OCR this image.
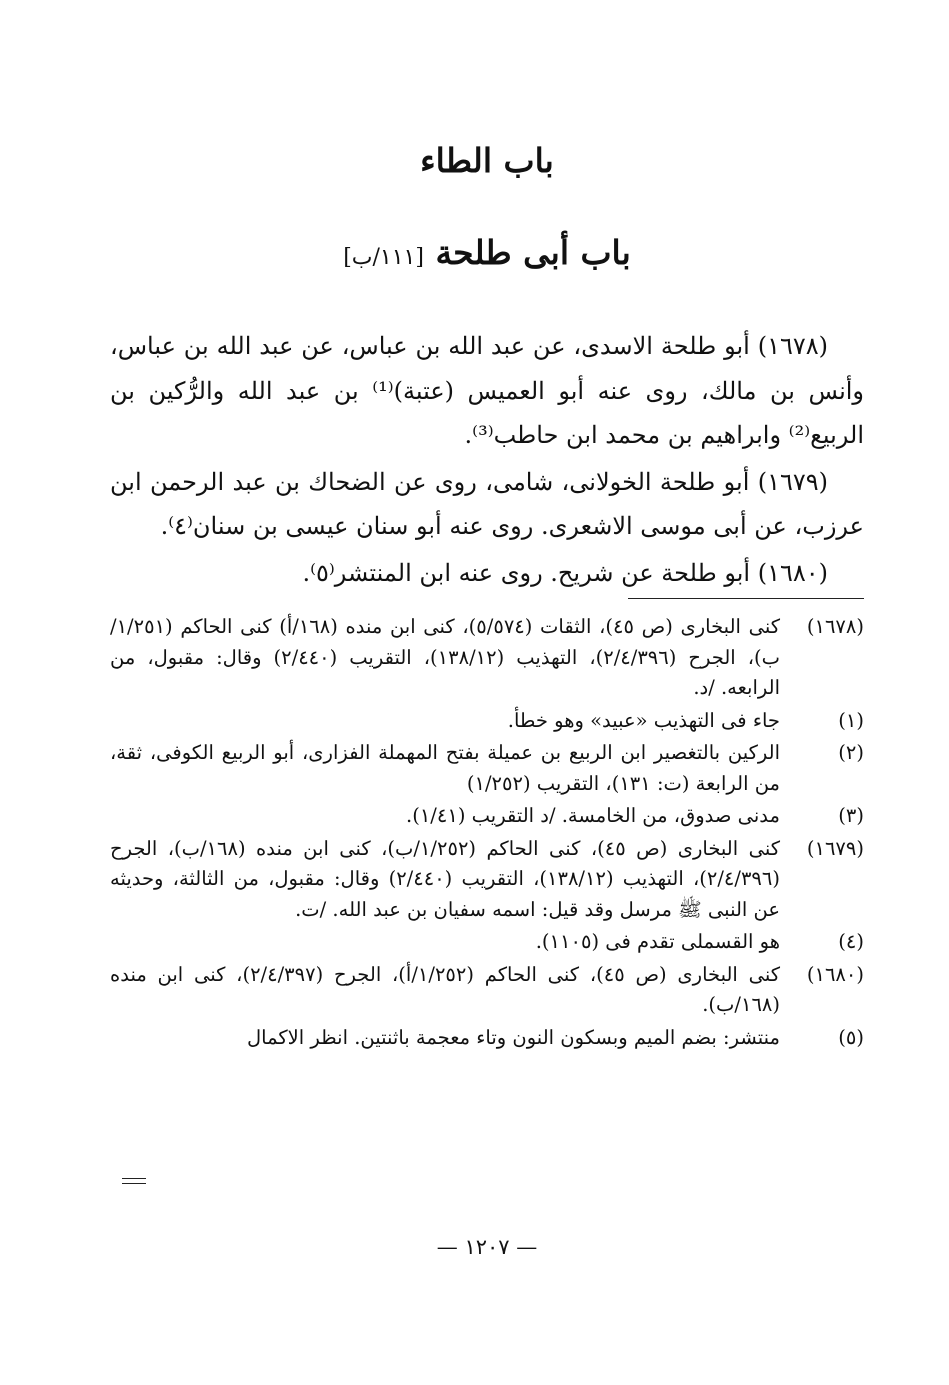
باب الطاء
باب أبى طلحة [١١١/ب]

(١٦٧٨) أبو طلحة الاسدى، عن عبد الله بن عباس، عن عبد الله بن عباس، وأنس بن مالك، روى عنه أبو العميس (عتبة)⁽¹⁾ بن عبد الله والرُّكين بن الربيع⁽²⁾ وابراهيم بن محمد ابن حاطب⁽³⁾.

(١٦٧٩) أبو طلحة الخولانى، شامى، روى عن الضحاك بن عبد الرحمن ابن عرزب، عن أبى موسى الاشعرى. روى عنه أبو سنان عيسى بن سنان⁽٤⁾.

(١٦٨٠) أبو طلحة عن شريح. روى عنه ابن المنتشر⁽٥⁾.

(١٦٧٨)
كنى البخارى (ص ٤٥)، الثقات (٥/٥٧٤)، كنى ابن منده (١٦٨/أ) كنى الحاكم (١/٢٥١/ب)، الجرح (٢/٤/٣٩٦)، التهذيب (١٣٨/١٢)، التقريب (٢/٤٤٠) وقال: مقبول، من الرابعه. /د.
(١)
جاء فى التهذيب «عبيد» وهو خطأ.
(٢)
الركين بالتغصير ابن الربيع بن عميلة بفتح المهملة الفزارى، أبو الربيع الكوفى، ثقة، من الرابعة (ت: ١٣١)، التقريب (١/٢٥٢)
(٣)
مدنى صدوق، من الخامسة. /د التقريب (١/٤١).
(١٦٧٩)
كنى البخارى (ص ٤٥)، كنى الحاكم (١/٢٥٢/ب)، كنى ابن منده (١٦٨/ب)، الجرح (٢/٤/٣٩٦)، التهذيب (١٣٨/١٢)، التقريب (٢/٤٤٠) وقال: مقبول، من الثالثة، وحديثه عن النبى ﷺ مرسل وقد قيل: اسمه سفيان بن عبد الله. /ت.
(٤)
هو القسملى تقدم فى (١١٠٥).
(١٦٨٠)
كنى البخارى (ص ٤٥)، كنى الحاكم (١/٢٥٢/أ)، الجرح (٢/٤/٣٩٧)، كنى ابن منده (١٦٨/ب).
(٥)
منتشر: بضم الميم وبسكون النون وتاء معجمة باثنتين. انظر الاكمال
— ١٢٠٧ —
